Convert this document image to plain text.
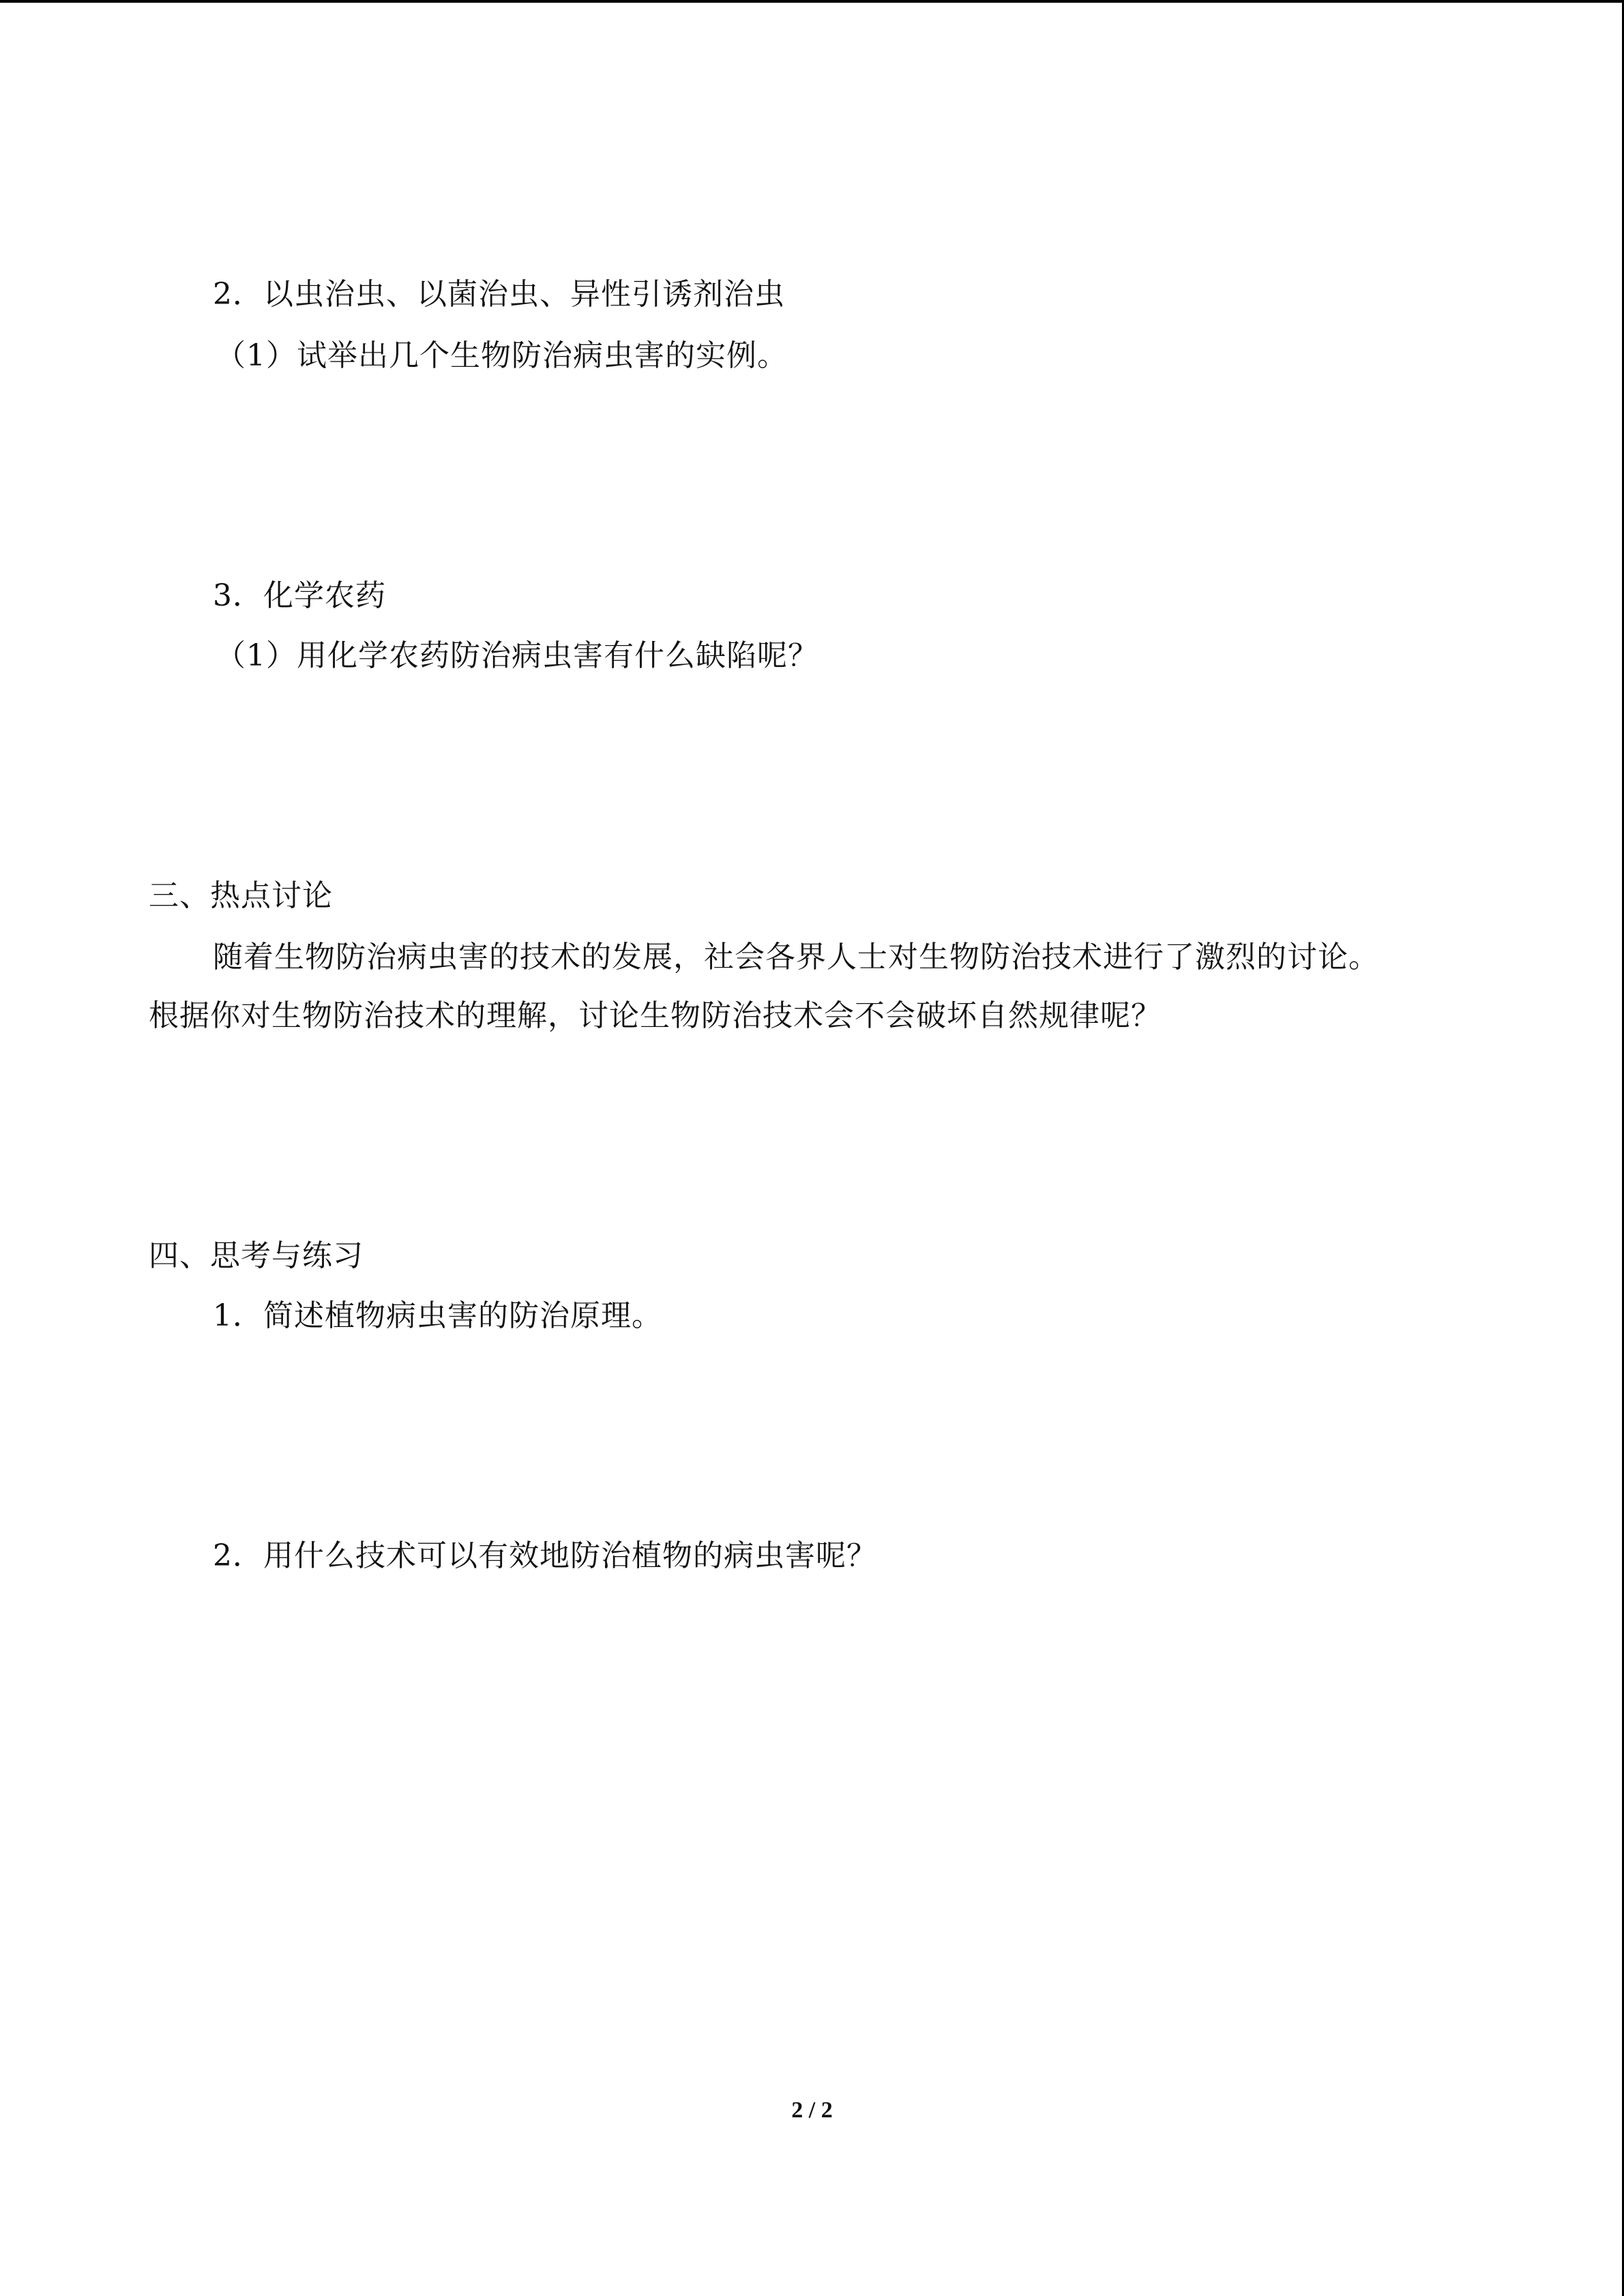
2．以虫治虫、以菌治虫、异性引诱剂治虫
（1）试举出几个生物防治病虫害的实例。
3．化学农药
（1）用化学农药防治病虫害有什么缺陷呢？
三、热点讨论
随着生物防治病虫害的技术的发展，社会各界人士对生物防治技术进行了激烈的讨论。
根据你对生物防治技术的理解，讨论生物防治技术会不会破坏自然规律呢？
四、思考与练习
1．简述植物病虫害的防治原理。
2．用什么技术可以有效地防治植物的病虫害呢？
2 / 2
